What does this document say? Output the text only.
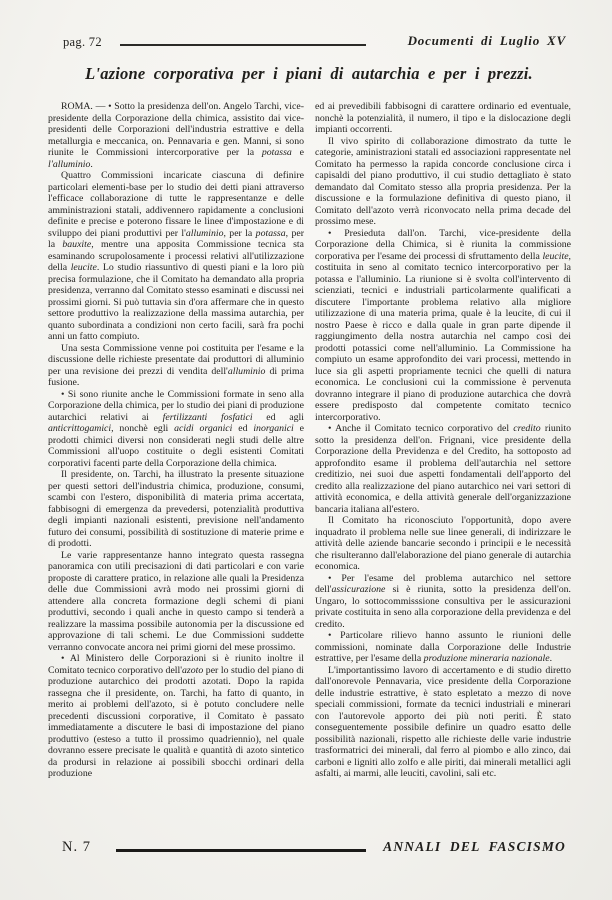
pag. 72	Documenti di Luglio XV
L'azione corporativa per i piani di autarchia e per i prezzi.

ROMA. — • Sotto la presidenza dell'on. Angelo Tarchi, vice-presidente della Corporazione della chimica, assistito dai vice-presidenti delle Corporazioni dell'industria estrattive e della metallurgia e meccanica, on. Pennavaria e gen. Manni, si sono riunite le Commissioni intercorporative per la potassa e l'alluminio.

Quattro Commissioni incaricate ciascuna di definire particolari elementi-base per lo studio dei detti piani attraverso l'efficace collaborazione di tutte le rappresentanze e delle amministrazioni statali, addivennero rapidamente a conclusioni definite e precise e poterono fissare le linee d'impostazione e di sviluppo dei piani produttivi per l'alluminio, per la potassa, per la bauxite, mentre una apposita Commissione tecnica sta esaminando scrupolosamente i processi relativi all'utilizzazione della leucite. Lo studio riassuntivo di questi piani e la loro più precisa formulazione, che il Comitato ha demandato alla propria presidenza, verranno dal Comitato stesso esaminati e discussi nei prossimi giorni. Si può tuttavia sin d'ora affermare che in questo settore produttivo la realizzazione della massima autarchia, per quanto subordinata a condizioni non certo facili, sarà fra pochi anni un fatto compiuto.

Una sesta Commissione venne poi costituita per l'esame e la discussione delle richieste presentate dai produttori di alluminio per una revisione dei prezzi di vendita dell'alluminio di prima fusione.

• Si sono riunite anche le Commissioni formate in seno alla Corporazione della chimica, per lo studio dei piani di produzione autarchici relativi ai fertilizzanti fosfatici ed agli anticrittogamici, nonchè egli acidi organici ed inorganici e prodotti chimici diversi non considerati negli studi delle altre Commissioni all'uopo costituite o degli esistenti Comitati corporativi facenti parte della Corporazione della chimica.

Il presidente, on. Tarchi, ha illustrato la presente situazione per questi settori dell'industria chimica, produzione, consumi, scambi con l'estero, disponibilità di materia prima accertata, fabbisogni di emergenza da prevedersi, potenzialità produttiva degli impianti nazionali esistenti, previsione nell'andamento futuro dei consumi, possibilità di sostituzione di materie prime e di prodotti.

Le varie rappresentanze hanno integrato questa rassegna panoramica con utili precisazioni di dati particolari e con varie proposte di carattere pratico, in relazione alle quali la Presidenza delle due Commissioni avrà modo nei prossimi giorni di attendere alla concreta formazione degli schemi di piani produttivi, secondo i quali anche in questo campo si tenderà a realizzare la massima possibile autonomia per la discussione ed approvazione di tali schemi. Le due Commissioni suddette verranno convocate ancora nei primi giorni del mese prossimo.

• Al Ministero delle Corporazioni si è riunito inoltre il Comitato tecnico corporativo dell'azoto per lo studio del piano di produzione autarchico dei prodotti azotati. Dopo la rapida rassegna che il presidente, on. Tarchi, ha fatto di quanto, in merito ai problemi dell'azoto, si è potuto concludere nelle precedenti discussioni corporative, il Comitato è passato immediatamente a discutere le basi di impostazione del piano produttivo (esteso a tutto il prossimo quadriennio), nel quale dovranno essere precisate le qualità e quantità di azoto sintetico da prodursi in relazione ai possibili sbocchi ordinari della produzione

ed ai prevedibili fabbisogni di carattere ordinario ed eventuale, nonchè la potenzialità, il numero, il tipo e la dislocazione degli impianti occorrenti.

Il vivo spirito di collaborazione dimostrato da tutte le categorie, aministrazioni statali ed associazioni rappresentate nel Comitato ha permesso la rapida concorde conclusione circa i capisaldi del piano produttivo, il cui studio dettagliato è stato demandato dal Comitato stesso alla propria presidenza. Per la discussione e la formulazione definitiva di questo piano, il Comitato dell'azoto verrà riconvocato nella prima decade del prossimo mese.

• Presieduta dall'on. Tarchi, vice-presidente della Corporazione della Chimica, si è riunita la commissione corporativa per l'esame dei processi di sfruttamento della leucite, costituita in seno al comitato tecnico intercorporativo per la potassa e l'alluminio. La riunione si è svolta coll'intervento di scienziati, tecnici e industriali particolarmente qualificati a discutere l'importante problema relativo alla migliore utilizzazione di una materia prima, quale è la leucite, di cui il nostro Paese è ricco e dalla quale in gran parte dipende il raggiungimento della nostra autarchia nel campo così dei prodotti potassici come nell'alluminio. La Commissione ha compiuto un esame approfondito dei vari processi, mettendo in luce sia gli aspetti propriamente tecnici che quelli di natura economica. Le conclusioni cui la commissione è pervenuta dovranno integrare il piano di produzione autarchica che dovrà essere predisposto dal competente comitato tecnico intercorporativo.

• Anche il Comitato tecnico corporativo del credito riunito sotto la presidenza dell'on. Frignani, vice presidente della Corporazione della Previdenza e del Credito, ha sottoposto ad approfondito esame il problema dell'autarchia nel settore creditizio, nei suoi due aspetti fondamentali dell'apporto del credito alla realizzazione del piano autarchico nei vari settori di attività economica, e della attività generale dell'organizzazione bancaria italiana all'estero.

Il Comitato ha riconosciuto l'opportunità, dopo avere inquadrato il problema nelle sue linee generali, di indirizzare le attività delle aziende bancarie secondo i principii e le necessità che risulteranno dall'elaborazione del piano generale di autarchia economica.

• Per l'esame del problema autarchico nel settore dell'assicurazione si è riunita, sotto la presidenza dell'on. Ungaro, lo sottocommisssione consultiva per le assicurazioni private costituita in seno alla corporazione della previdenza e del credito.

• Particolare rilievo hanno assunto le riunioni delle commissioni, nominate dalla Corporazione delle Industrie estrattive, per l'esame della produzione mineraria nazionale.

L'importantissimo lavoro di accertamento e di studio diretto dall'onorevole Pennavaria, vice presidente della Corporazione delle industrie estrattive, è stato espletato a mezzo di nove speciali commissioni, formate da tecnici industriali e minerari con l'autorevole apporto dei più noti periti. È stato conseguentemente possibile definire un quadro esatto delle possibilità nazionali, rispetto alle richieste delle varie industrie trasformatrici dei minerali, dal ferro al piombo e allo zinco, dai carboni e ligniti allo zolfo e alle piriti, dai minerali metallici agli asfalti, ai marmi, alle leuciti, cavolini, sali etc.

N. 7	ANNALI DEL FASCISMO
